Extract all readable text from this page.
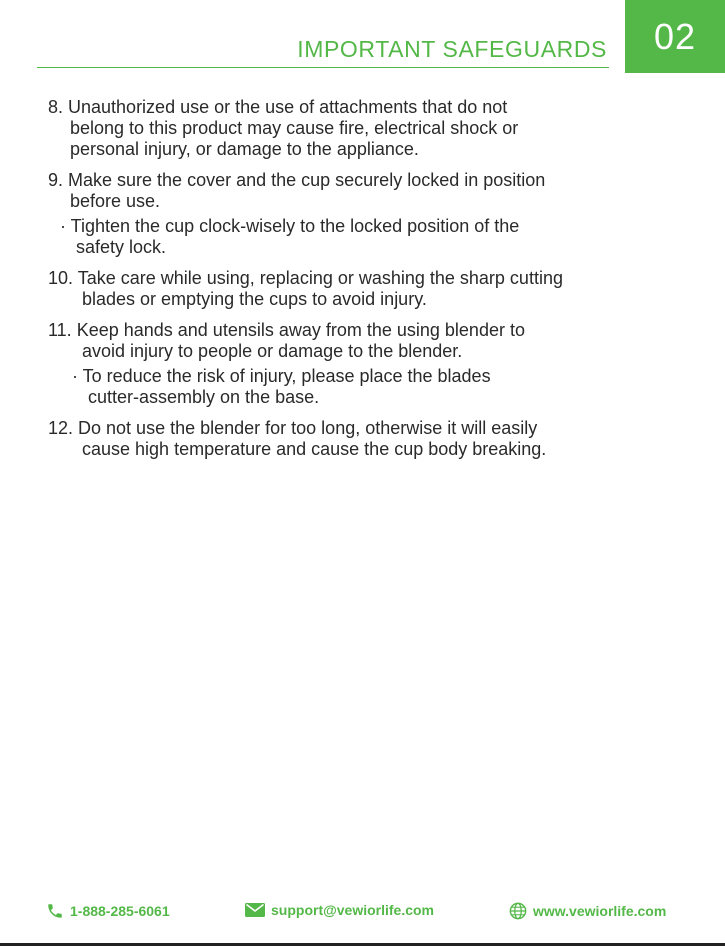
02
IMPORTANT SAFEGUARDS
8. Unauthorized use or the use of attachments that do not
belong to this product may cause fire, electrical shock or
personal injury, or damage to the appliance.
9. Make sure the cover and the cup securely locked in position
before use.
· Tighten the cup clock-wisely to the locked position of the
safety lock.
10. Take care while using, replacing or washing the sharp cutting
blades or emptying the cups to avoid injury.
11. Keep hands and utensils away from the using blender to
avoid injury to people or damage to the blender.
· To reduce the risk of injury, please place the blades
cutter-assembly on the base.
12. Do not use the blender for too long, otherwise it will easily
cause high temperature and cause the cup body breaking.
1-888-285-6061	support@vewiorlife.com	www.vewiorlife.com
